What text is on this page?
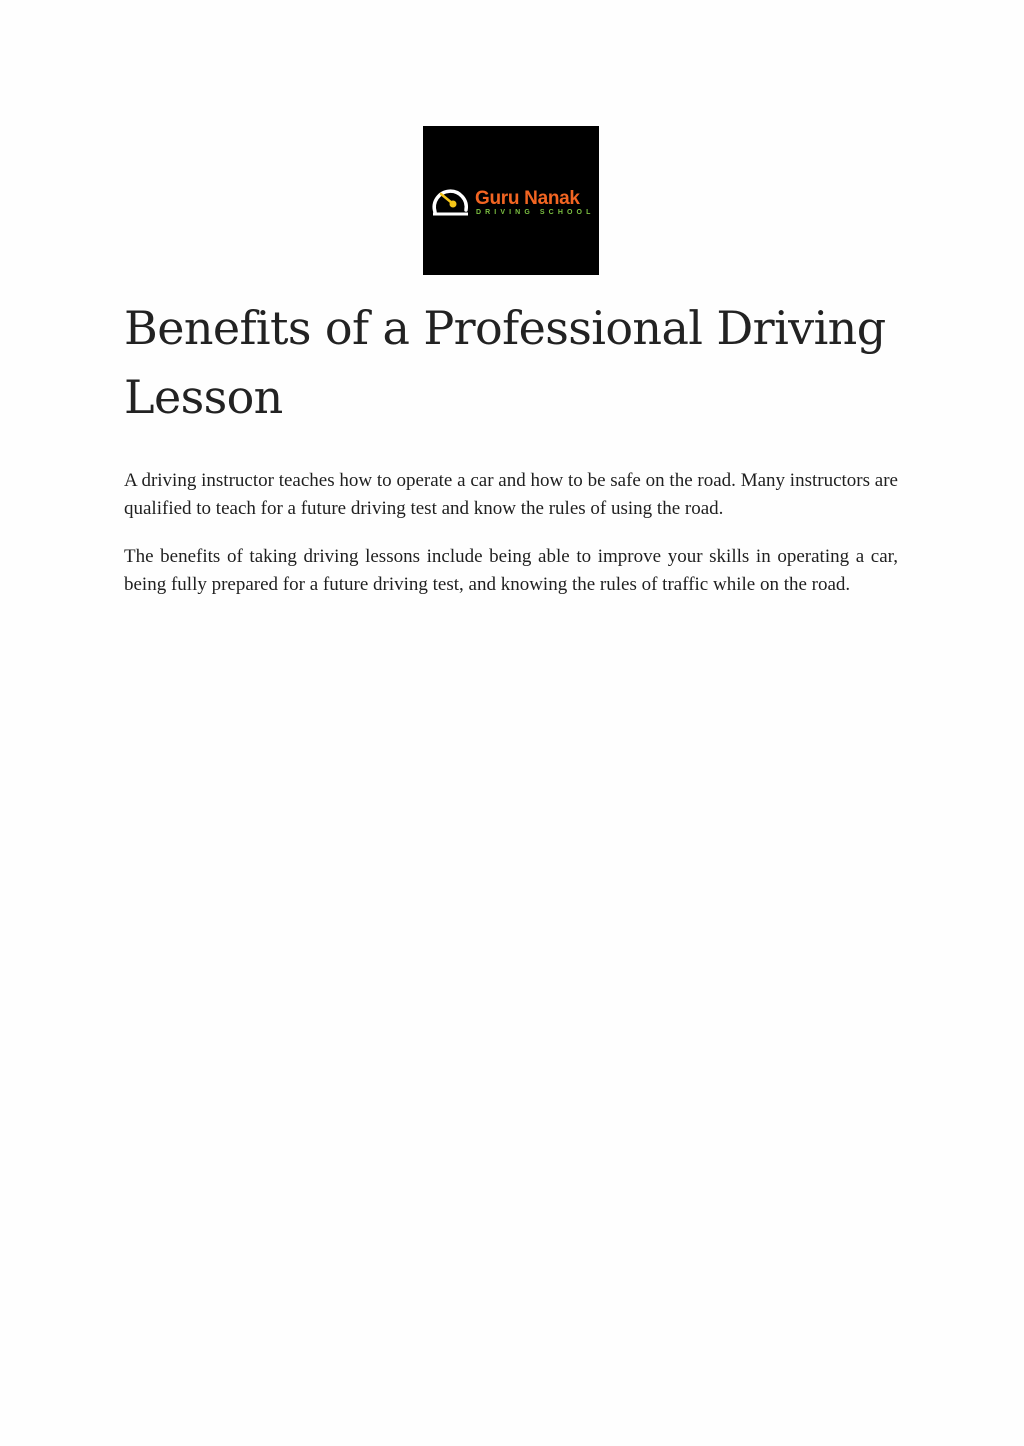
Guru Nanak
DRIVING SCHOOL
Benefits of a Professional Driving Lesson

A driving instructor teaches how to operate a car and how to be safe on the road. Many instructors are qualified to teach for a future driving test and know the rules of using the road.

The benefits of taking driving lessons include being able to improve your skills in operating a car, being fully prepared for a future driving test, and knowing the rules of traffic while on the road.
